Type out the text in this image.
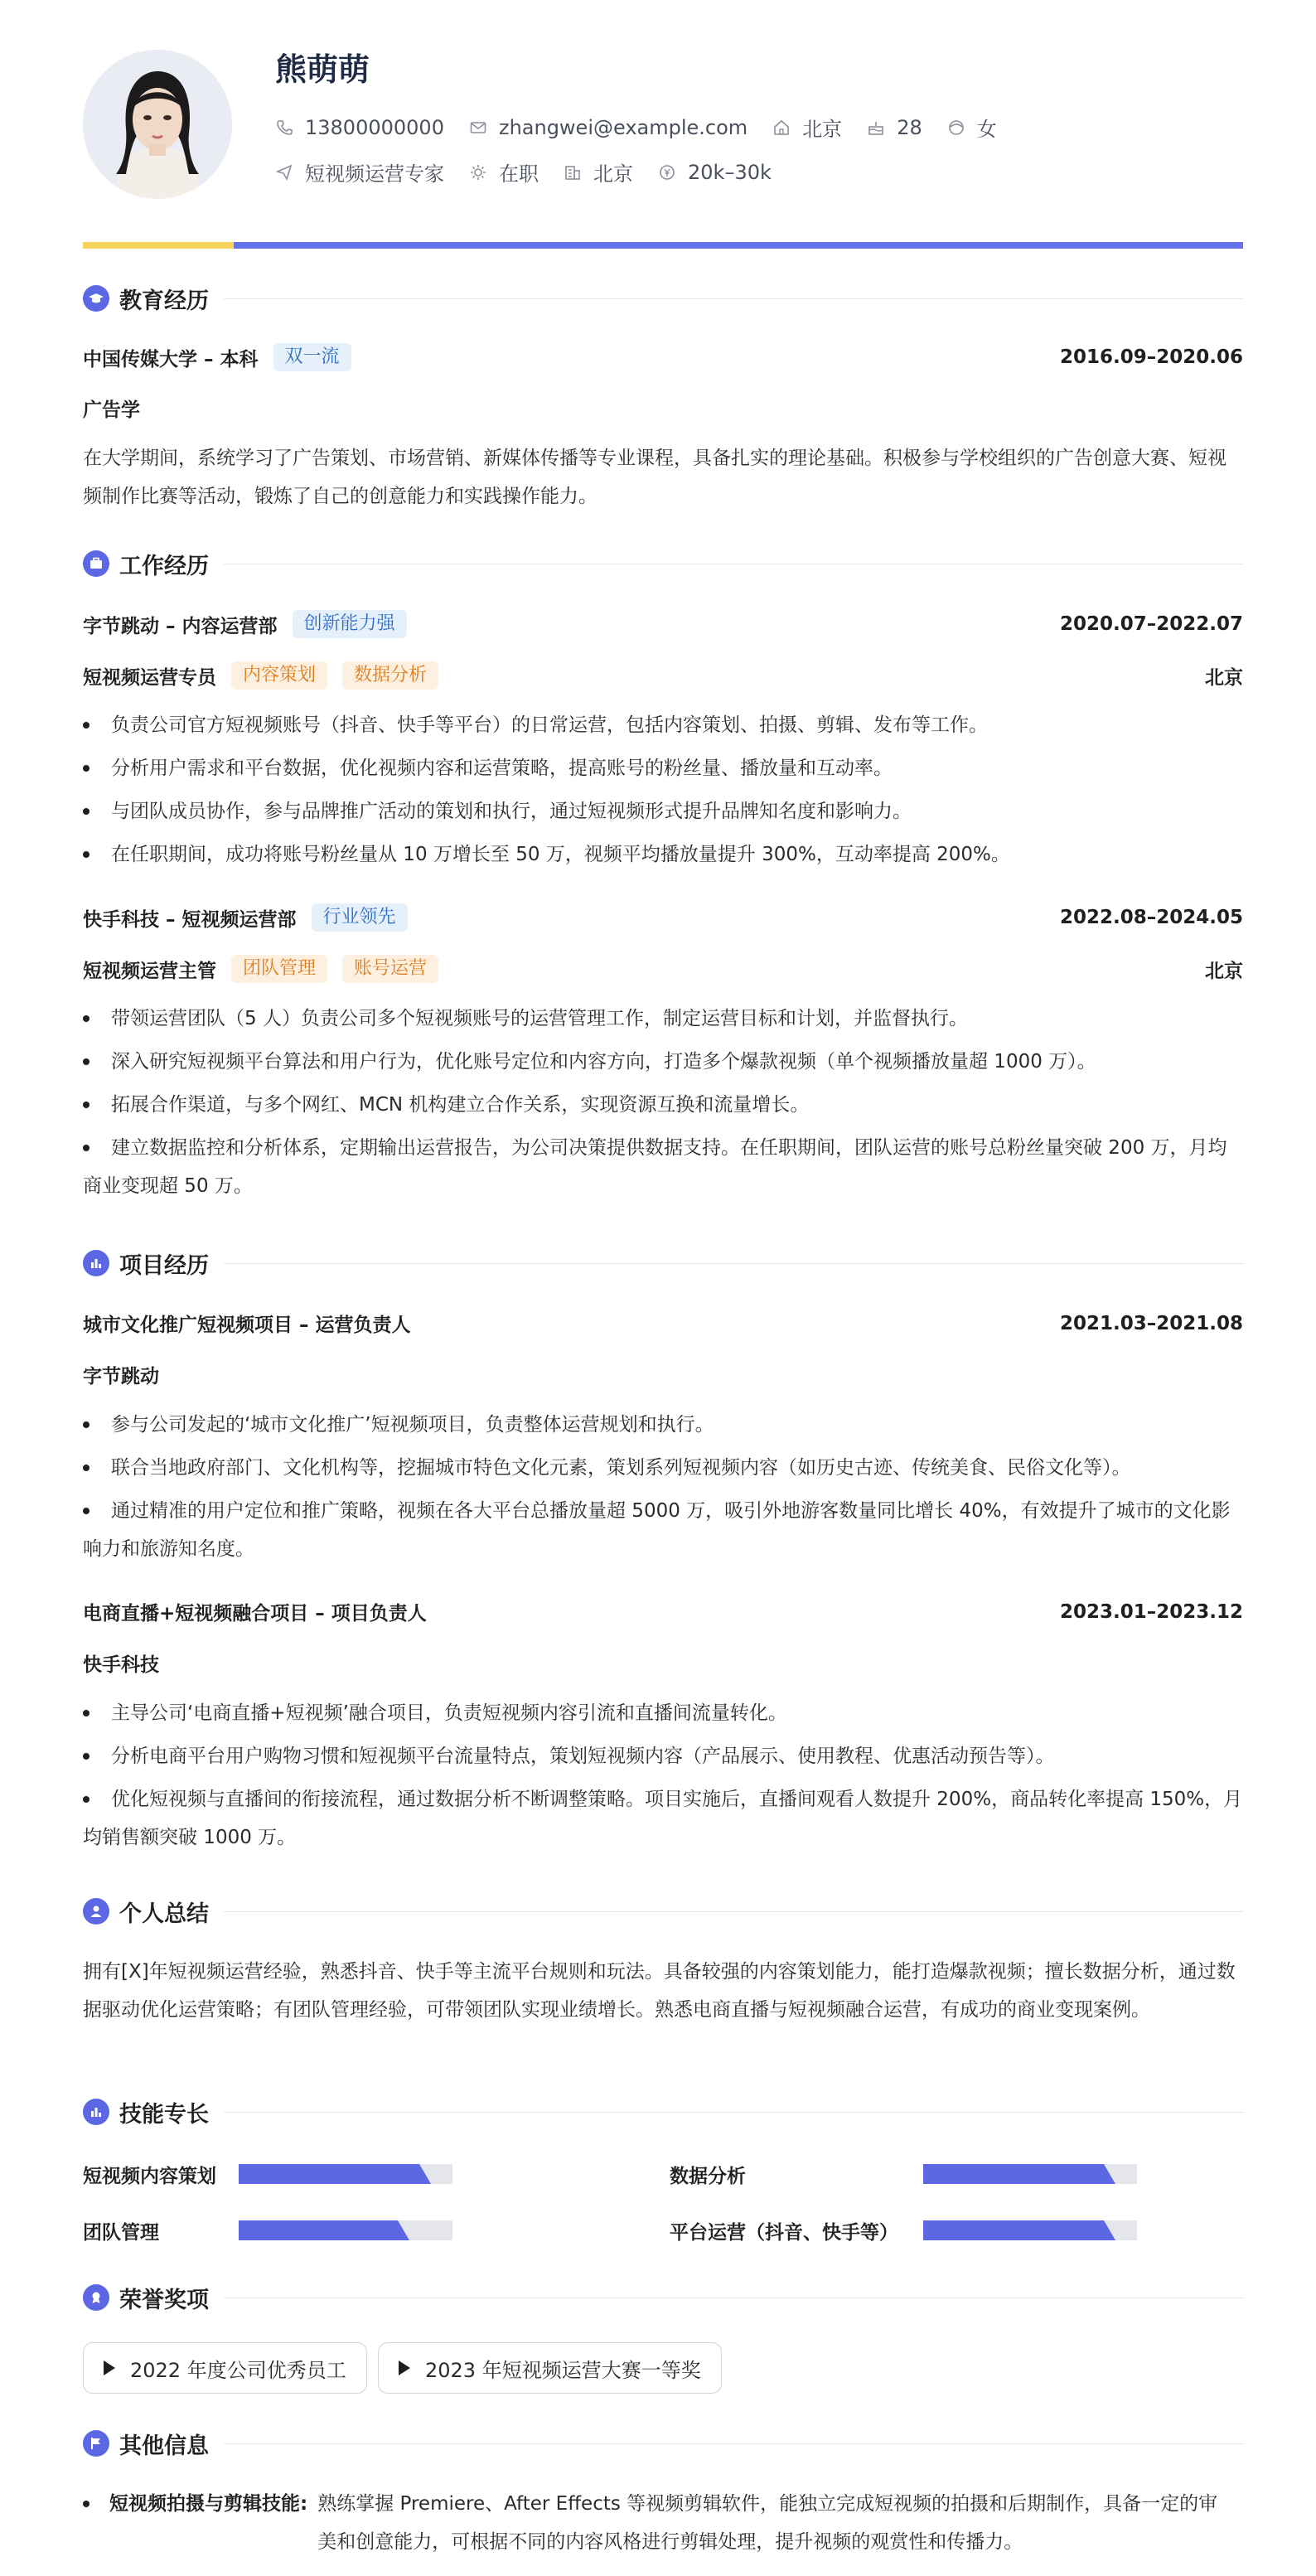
熊萌萌
13800000000	zhangwei@example.com	北京	28	女
短视频运营专家	在职	北京	20k–30k
教育经历
中国传媒大学 – 本科	双一流	2016.09–2020.06
广告学
在大学期间，系统学习了广告策划、市场营销、新媒体传播等专业课程，具备扎实的理论基础。积极参与学校组织的广告创意大赛、短视频制作比赛等活动，锻炼了自己的创意能力和实践操作能力。
工作经历
字节跳动 – 内容运营部	创新能力强	2020.07–2022.07
短视频运营专员	内容策划	数据分析	北京
负责公司官方短视频账号（抖音、快手等平台）的日常运营，包括内容策划、拍摄、剪辑、发布等工作。
分析用户需求和平台数据，优化视频内容和运营策略，提高账号的粉丝量、播放量和互动率。
与团队成员协作，参与品牌推广活动的策划和执行，通过短视频形式提升品牌知名度和影响力。
在任职期间，成功将账号粉丝量从 10 万增长至 50 万，视频平均播放量提升 300%，互动率提高 200%。
快手科技 – 短视频运营部	行业领先	2022.08–2024.05
短视频运营主管	团队管理	账号运营	北京
带领运营团队（5 人）负责公司多个短视频账号的运营管理工作，制定运营目标和计划，并监督执行。
深入研究短视频平台算法和用户行为，优化账号定位和内容方向，打造多个爆款视频（单个视频播放量超 1000 万）。
拓展合作渠道，与多个网红、MCN 机构建立合作关系，实现资源互换和流量增长。
建立数据监控和分析体系，定期输出运营报告，为公司决策提供数据支持。在任职期间，团队运营的账号总粉丝量突破 200 万，月均商业变现超 50 万。
项目经历
城市文化推广短视频项目 – 运营负责人	2021.03–2021.08
字节跳动
参与公司发起的‘城市文化推广’短视频项目，负责整体运营规划和执行。
联合当地政府部门、文化机构等，挖掘城市特色文化元素，策划系列短视频内容（如历史古迹、传统美食、民俗文化等）。
通过精准的用户定位和推广策略，视频在各大平台总播放量超 5000 万，吸引外地游客数量同比增长 40%，有效提升了城市的文化影响力和旅游知名度。
电商直播+短视频融合项目 – 项目负责人	2023.01–2023.12
快手科技
主导公司‘电商直播+短视频’融合项目，负责短视频内容引流和直播间流量转化。
分析电商平台用户购物习惯和短视频平台流量特点，策划短视频内容（产品展示、使用教程、优惠活动预告等）。
优化短视频与直播间的衔接流程，通过数据分析不断调整策略。项目实施后，直播间观看人数提升 200%，商品转化率提高 150%，月均销售额突破 1000 万。
个人总结
拥有[X]年短视频运营经验，熟悉抖音、快手等主流平台规则和玩法。具备较强的内容策划能力，能打造爆款视频；擅长数据分析，通过数据驱动优化运营策略；有团队管理经验，可带领团队实现业绩增长。熟悉电商直播与短视频融合运营，有成功的商业变现案例。
技能专长
短视频内容策划	数据分析
团队管理	平台运营（抖音、快手等）
荣誉奖项
2022 年度公司优秀员工	2023 年短视频运营大赛一等奖
其他信息
短视频拍摄与剪辑技能: 熟练掌握 Premiere、After Effects 等视频剪辑软件，能独立完成短视频的拍摄和后期制作，具备一定的审美和创意能力，可根据不同的内容风格进行剪辑处理，提升视频的观赏性和传播力。
